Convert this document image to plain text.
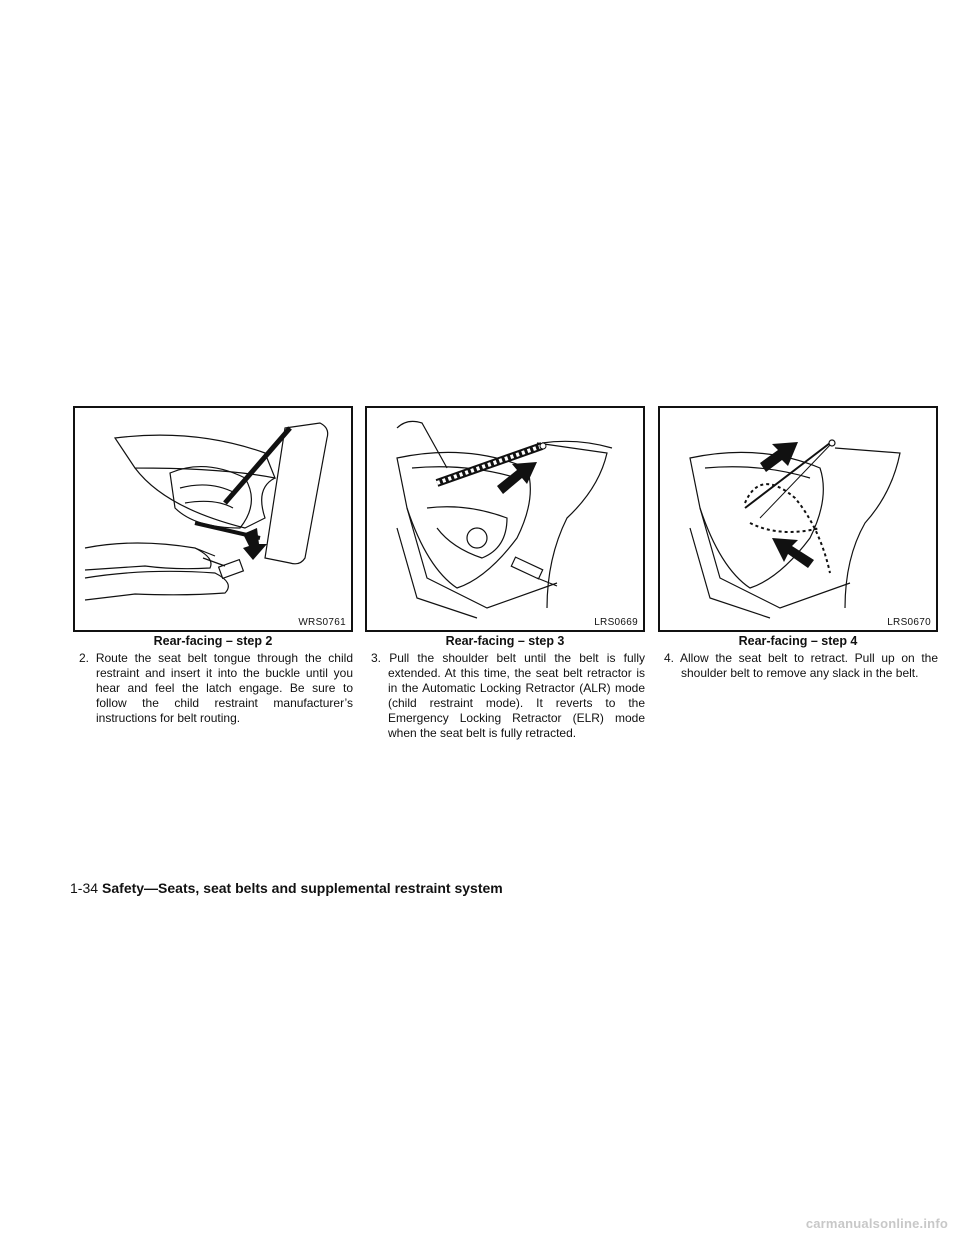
WRS0761
Rear-facing – step 2
2. Route the seat belt tongue through the child restraint and insert it into the buckle until you hear and feel the latch engage. Be sure to follow the child restraint manufacturer’s instructions for belt routing.
LRS0669
Rear-facing – step 3
3. Pull the shoulder belt until the belt is fully extended. At this time, the seat belt retractor is in the Automatic Locking Retractor (ALR) mode (child restraint mode). It reverts to the Emergency Locking Retractor (ELR) mode when the seat belt is fully retracted.
LRS0670
Rear-facing – step 4
4. Allow the seat belt to retract. Pull up on the shoulder belt to remove any slack in the belt.
1-34 Safety—Seats, seat belts and supplemental restraint system
carmanualsonline.info
